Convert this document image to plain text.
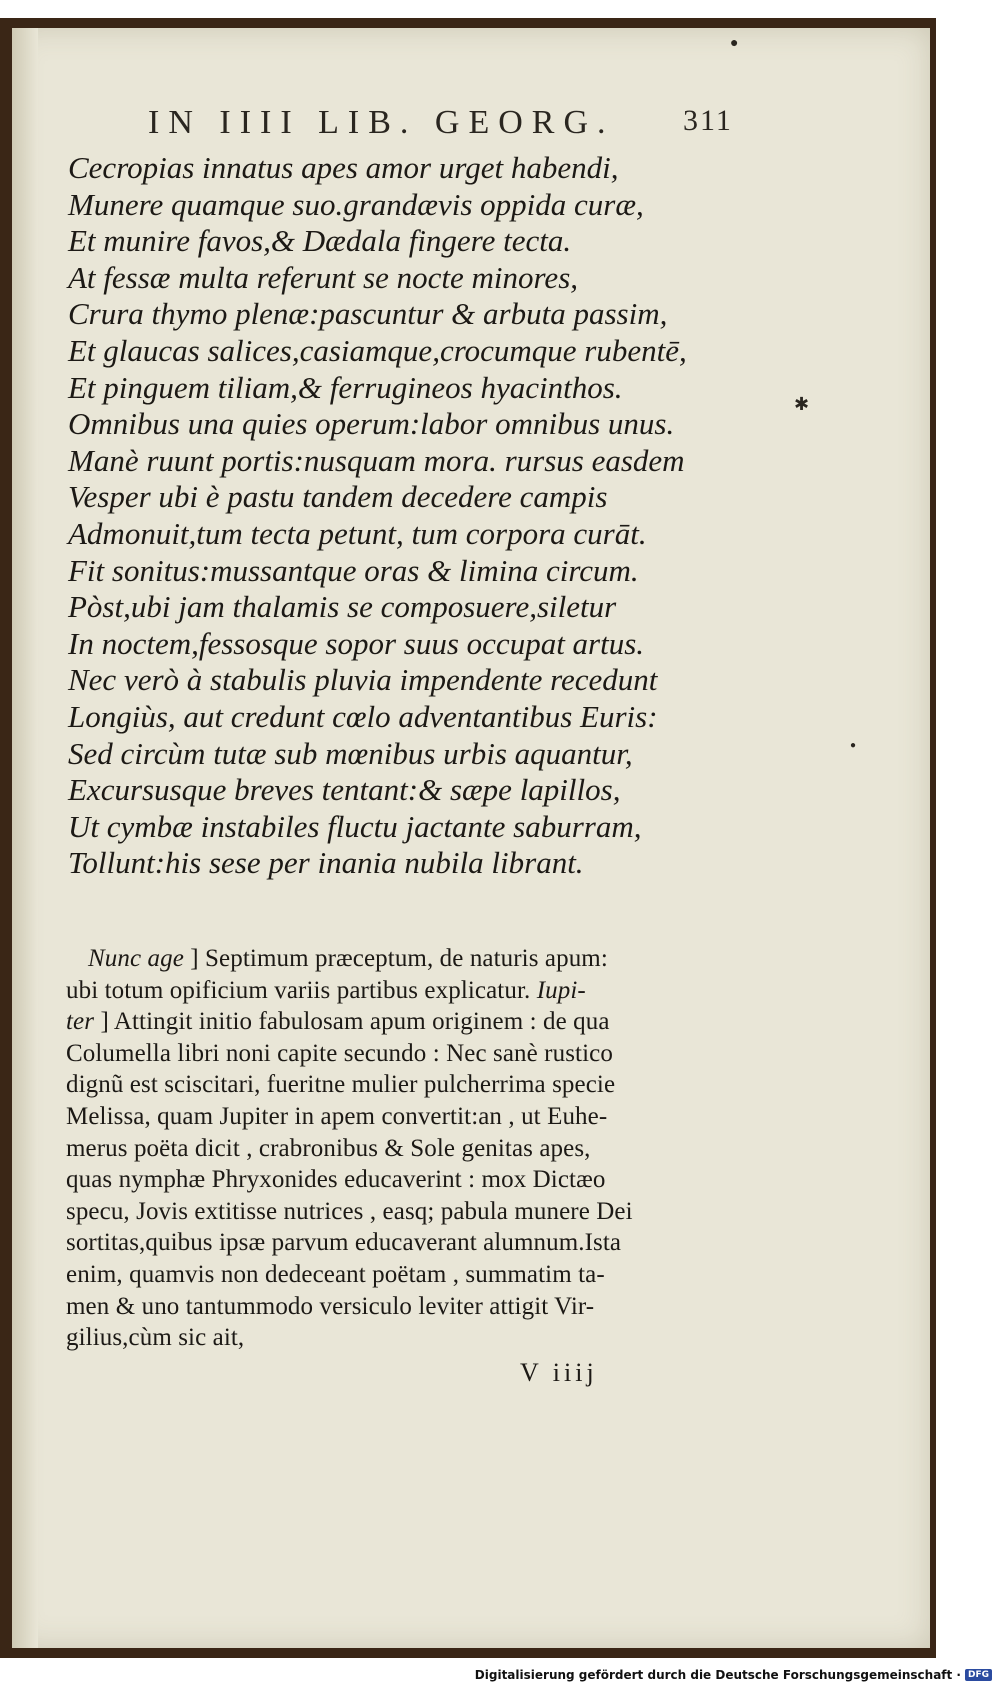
●
✱
●
IN IIII LIB. GEORG. 311
Cecropias innatus apes amor urget habendi,
Munere quamque suo.grandævis oppida curæ,
Et munire favos,& Dædala fingere tecta.
At fessæ multa referunt se nocte minores,
Crura thymo plenæ:pascuntur & arbuta passim,
Et glaucas salices,casiamque,crocumque rubentē,
Et pinguem tiliam,& ferrugineos hyacinthos.
Omnibus una quies operum:labor omnibus unus.
Manè ruunt portis:nusquam mora. rursus easdem
Vesper ubi è pastu tandem decedere campis
Admonuit,tum tecta petunt, tum corpora curāt.
Fit sonitus:mussantque oras & limina circum.
Pòst,ubi jam thalamis se composuere,siletur
In noctem,fessosque sopor suus occupat artus.
Nec verò à stabulis pluvia impendente recedunt
Longiùs, aut credunt cœlo adventantibus Euris:
Sed circùm tutæ sub mœnibus urbis aquantur,
Excursusque breves tentant:& sæpe lapillos,
Ut cymbæ instabiles fluctu jactante saburram,
Tollunt:his sese per inania nubila librant.
Nunc age ] Septimum præceptum, de naturis apum:
ubi totum opificium variis partibus explicatur. Iupi-
ter ] Attingit initio fabulosam apum originem : de qua
Columella libri noni capite secundo : Nec sanè rustico
dignũ est sciscitari, fueritne mulier pulcherrima specie
Melissa, quam Jupiter in apem convertit:an , ut Euhe-
merus poëta dicit , crabronibus & Sole genitas apes,
quas nymphæ Phryxonides educaverint : mox Dictæo
specu, Jovis extitisse nutrices , easq; pabula munere Dei
sortitas,quibus ipsæ parvum educaverant alumnum.Ista
enim, quamvis non dedeceant poëtam , summatim ta-
men & uno tantummodo versiculo leviter attigit Vir-
gilius,cùm sic ait,
V iiij
Digitalisierung gefördert durch die Deutsche Forschungsgemeinschaft · DFG
